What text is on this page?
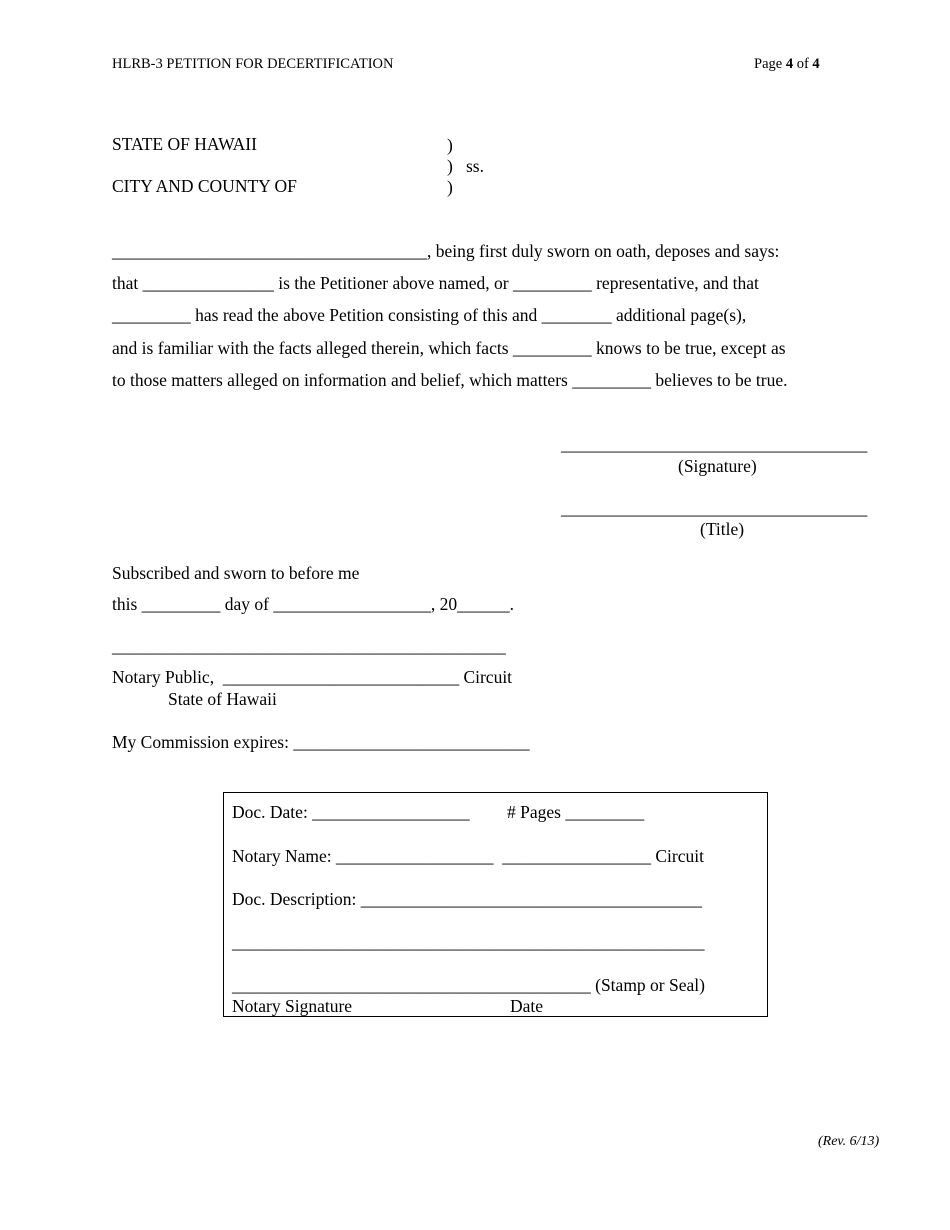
HLRB-3 PETITION FOR DECERTIFICATION	Page 4 of 4
STATE OF HAWAII
CITY AND COUNTY OF
)
)   ss.
)
____________________________________, being first duly sworn on oath, deposes and says:
that _______________ is the Petitioner above named, or _________ representative, and that
_________ has read the above Petition consisting of this and ________ additional page(s),
and is familiar with the facts alleged therein, which facts _________ knows to be true, except as
to those matters alleged on information and belief, which matters _________ believes to be true.
___________________________________
(Signature)
___________________________________
(Title)
Subscribed and sworn to before me
this _________ day of __________________, 20______.
_____________________________________________
Notary Public,  ___________________________ Circuit
State of Hawaii
My Commission expires: ___________________________
Doc. Date: __________________ # Pages _________
Notary Name: __________________  _________________ Circuit
Doc. Description: _______________________________________
______________________________________________________
_________________________________________ (Stamp or Seal)
Notary Signature	Date
(Rev. 6/13)
